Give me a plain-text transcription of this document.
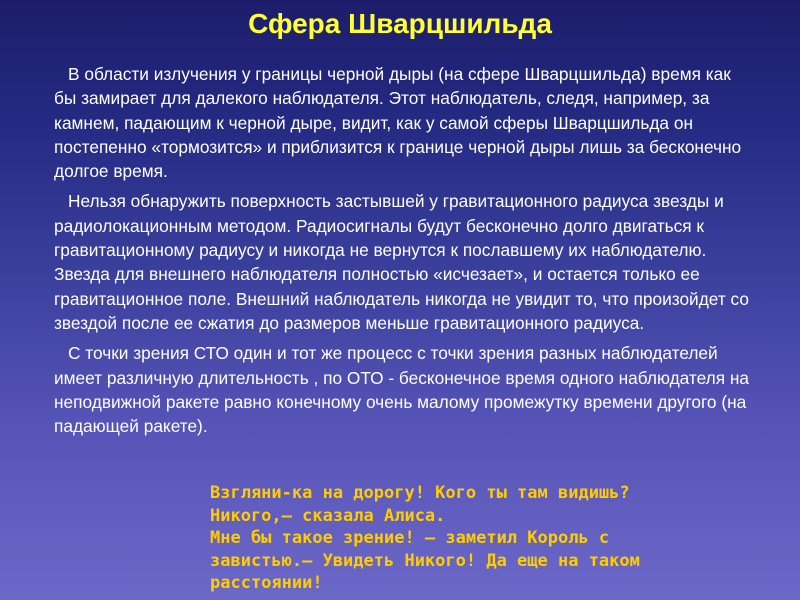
Сфера Шварцшильда

В области излучения у границы черной дыры (на сфере Шварцшильда) время как бы замирает для далекого наблюдателя. Этот наблюдатель, следя, например, за камнем, падающим к черной дыре, видит, как у самой сферы Шварцшильда он постепенно «тормозится» и приблизится к границе черной дыры лишь за бесконечно долгое время.

Нельзя обнаружить поверхность застывшей у гравитационного радиуса звезды и радиолокационным методом. Радиосигналы будут бесконечно долго двигаться к гравитационному радиусу и никогда не вернутся к пославшему их наблюдателю. Звезда для внешнего наблюдателя полностью «исчезает», и остается только ее гравитационное поле. Внешний наблюдатель никогда не увидит то, что произойдет со звездой после ее сжатия до размеров меньше гравитационного радиуса.

С точки зрения СТО один и тот же процесс с точки зрения разных наблюдателей имеет различную длительность , по ОТО - бесконечное время одного наблюдателя на неподвижной ракете равно конечному очень малому промежутку времени другого (на падающей ракете).

Взгляни-ка на дорогу! Кого ты там видишь?
Никого,— сказала Алиса.
Мне бы такое зрение! — заметил Король с
завистью.— Увидеть Никого! Да еще на таком
расстоянии!
